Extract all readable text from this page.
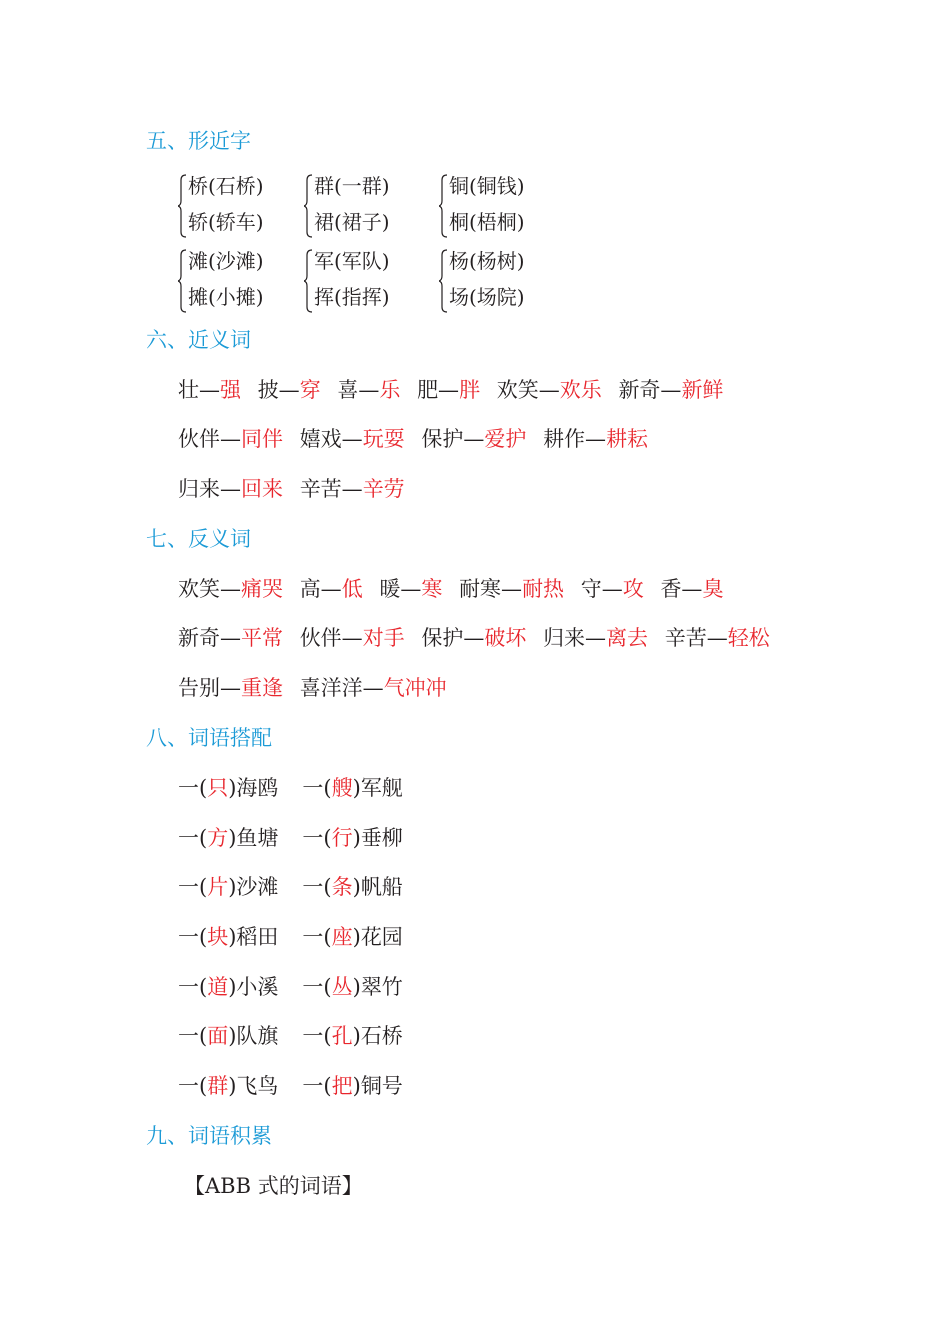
五、形近字
桥(石桥)
轿(轿车)
群(一群)
裙(裙子)
铜(铜钱)
桐(梧桐)
滩(沙滩)
摊(小摊)
军(军队)
挥(指挥)
杨(杨树)
场(场院)
六、近义词
壮—强 披—穿 喜—乐 肥—胖 欢笑—欢乐 新奇—新鲜
伙伴—同伴 嬉戏—玩耍 保护—爱护 耕作—耕耘
归来—回来 辛苦—辛劳
七、反义词
欢笑—痛哭 高—低 暖—寒 耐寒—耐热 守—攻 香—臭
新奇—平常 伙伴—对手 保护—破坏 归来—离去 辛苦—轻松
告别—重逢 喜洋洋—气冲冲
八、词语搭配
一(只)海鸥 一(艘)军舰
一(方)鱼塘 一(行)垂柳
一(片)沙滩 一(条)帆船
一(块)稻田 一(座)花园
一(道)小溪 一(丛)翠竹
一(面)队旗 一(孔)石桥
一(群)飞鸟 一(把)铜号
九、词语积累
【ABB 式的词语】
